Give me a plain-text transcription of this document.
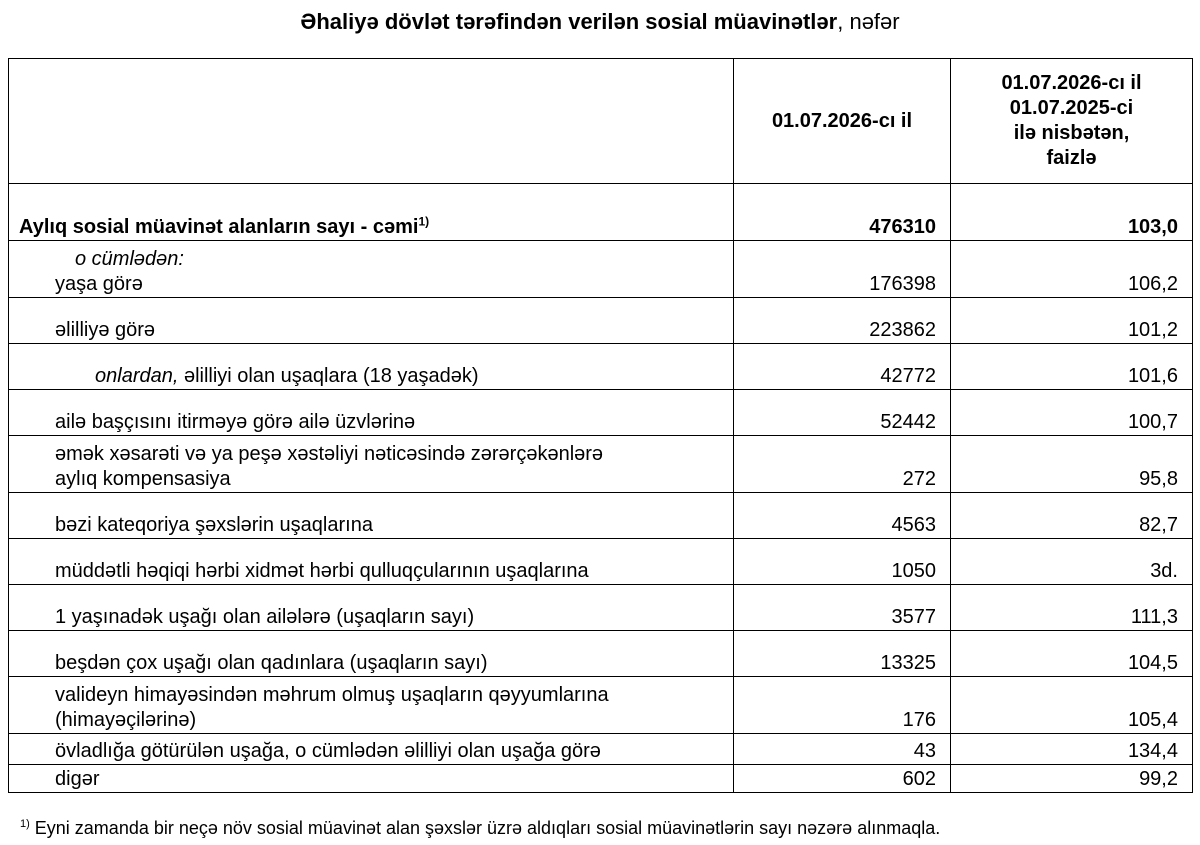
Əhaliyə dövlət tərəfindən verilən sosial müavinətlər, nəfər
	01.07.2026-cı il	01.07.2026-cı il
01.07.2025-ci
ilə nisbətən,
faizlə
Aylıq sosial müavinət alanların sayı - cəmi$^{1)}$	476310	103,0

o cümlədən:
yaşa görə	176398	106,2
əlilliyə görə	223862	101,2
onlardan, əlilliyi olan uşaqlara (18 yaşadək)	42772	101,6
ailə başçısını itirməyə görə ailə üzvlərinə	52442	100,7

əmək xəsarəti və ya peşə xəstəliyi nəticəsində zərərçəkənlərə
aylıq kompensasiya	272	95,8
bəzi kateqoriya şəxslərin uşaqlarına	4563	82,7
müddətli həqiqi hərbi xidmət hərbi qulluqçularının uşaqlarına	1050	3d.
1 yaşınadək uşağı olan ailələrə (uşaqların sayı)	3577	111,3
beşdən çox uşağı olan qadınlara (uşaqların sayı)	13325	104,5

valideyn himayəsindən məhrum olmuş uşaqların qəyyumlarına
(himayəçilərinə)	176	105,4
övladlığa götürülən uşağa, o cümlədən əlilliyi olan uşağa görə	43	134,4
digər	602	99,2
$^{1)}$ Eyni zamanda bir neçə növ sosial müavinət alan şəxslər üzrə aldıqları sosial müavinətlərin sayı nəzərə alınmaqla.
